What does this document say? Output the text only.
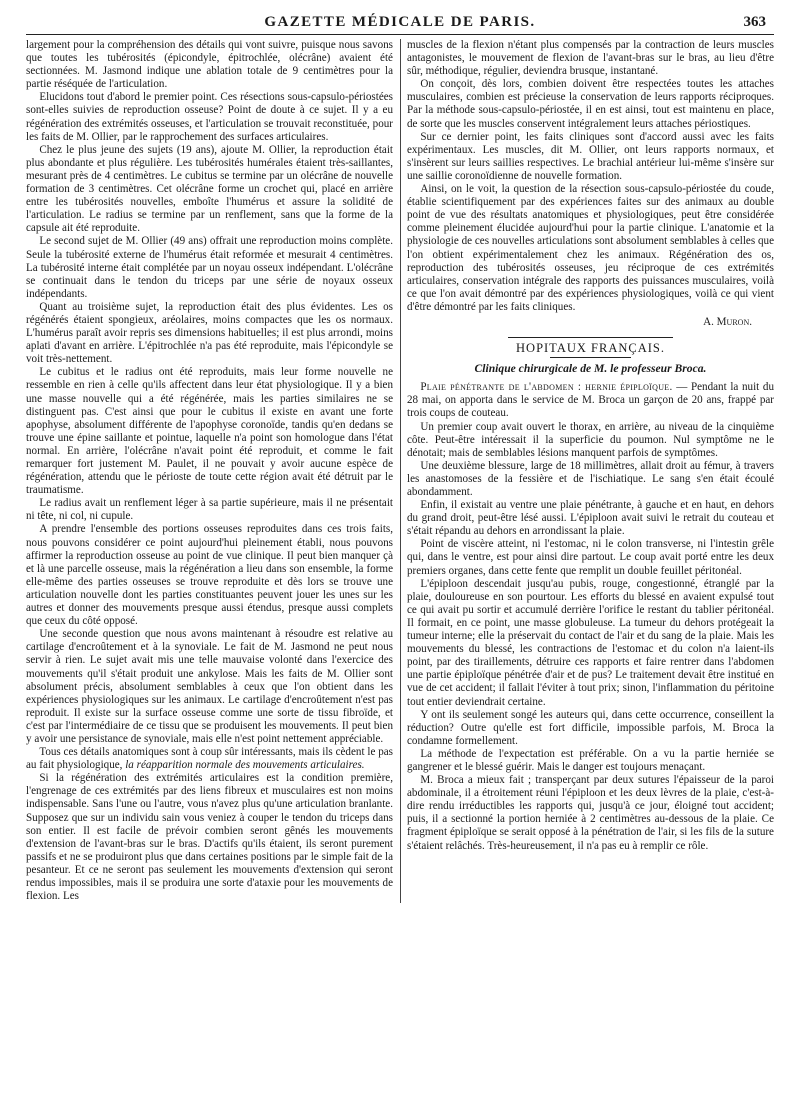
GAZETTE MÉDICALE DE PARIS.	363

largement pour la compréhension des détails qui vont suivre, puisque nous savons que toutes les tubérosités (épicondyle, épitrochlée, olécrâne) avaient été sectionnées. M. Jasmond indique une ablation totale de 9 centimètres pour la partie réséquée de l'articulation.

Elucidons tout d'abord le premier point. Ces résections sous-capsulo-périostées sont-elles suivies de reproduction osseuse? Point de doute à ce sujet. Il y a eu régénération des extrémités osseuses, et l'articulation se trouvait reconstituée, pour les faits de M. Ollier, par le rapprochement des surfaces articulaires.

Chez le plus jeune des sujets (19 ans), ajoute M. Ollier, la reproduction était plus abondante et plus régulière. Les tubérosités humérales étaient très-saillantes, mesurant près de 4 centimètres. Le cubitus se termine par un olécrâne de nouvelle formation de 3 centimètres. Cet olécrâne forme un crochet qui, placé en arrière entre les tubérosités nouvelles, emboîte l'humérus et assure la solidité de l'articulation. Le radius se termine par un renflement, sans que la forme de la capsule ait été reproduite.

Le second sujet de M. Ollier (49 ans) offrait une reproduction moins complète. Seule la tubérosité externe de l'humérus était reformée et mesurait 4 centimètres. La tubérosité interne était complétée par un noyau osseux indépendant. L'olécrâne se continuait dans le tendon du triceps par une série de noyaux osseux indépendants.

Quant au troisième sujet, la reproduction était des plus évidentes. Les os régénérés étaient spongieux, aréolaires, moins compactes que les os normaux. L'humérus paraît avoir repris ses dimensions habituelles; il est plus arrondi, moins aplati d'avant en arrière. L'épitrochlée n'a pas été reproduite, mais l'épicondyle se voit très-nettement.

Le cubitus et le radius ont été reproduits, mais leur forme nouvelle ne ressemble en rien à celle qu'ils affectent dans leur état physiologique. Il y a bien une masse nouvelle qui a été régénérée, mais les parties similaires ne se distinguent pas. C'est ainsi que pour le cubitus il existe en avant une forte apophyse, absolument différente de l'apophyse coronoïde, tandis qu'en dedans se trouve une épine saillante et pointue, laquelle n'a point son homologue dans l'état normal. En arrière, l'olécrâne n'avait point été reproduit, et comme le fait remarquer fort justement M. Paulet, il ne pouvait y avoir aucune espèce de régénération, attendu que le périoste de toute cette région avait été détruit par le traumatisme.

Le radius avait un renflement léger à sa partie supérieure, mais il ne présentait ni tête, ni col, ni cupule.

A prendre l'ensemble des portions osseuses reproduites dans ces trois faits, nous pouvons considérer ce point aujourd'hui pleinement établi, nous pouvons affirmer la reproduction osseuse au point de vue clinique. Il peut bien manquer çà et là une parcelle osseuse, mais la régénération a lieu dans son ensemble, la forme elle-même des parties osseuses se trouve reproduite et dès lors se trouve une articulation nouvelle dont les parties constituantes peuvent jouer les unes sur les autres et donner des mouvements presque aussi étendus, presque aussi complets que ceux du côté opposé.

Une seconde question que nous avons maintenant à résoudre est relative au cartilage d'encroûtement et à la synoviale. Le fait de M. Jasmond ne peut nous servir à rien. Le sujet avait mis une telle mauvaise volonté dans l'exercice des mouvements qu'il s'était produit une ankylose. Mais les faits de M. Ollier sont absolument précis, absolument semblables à ceux que l'on obtient dans les expériences physiologiques sur les animaux. Le cartilage d'encroûtement n'est pas reproduit. Il existe sur la surface osseuse comme une sorte de tissu fibroïde, et c'est par l'intermédiaire de ce tissu que se produisent les mouvements. Il peut bien y avoir une persistance de synoviale, mais elle n'est point nettement appréciable.

Tous ces détails anatomiques sont à coup sûr intéressants, mais ils cèdent le pas au fait physiologique, la réapparition normale des mouvements articulaires.

Si la régénération des extrémités articulaires est la condition première, l'engrenage de ces extrémités par des liens fibreux et musculaires est non moins indispensable. Sans l'une ou l'autre, vous n'avez plus qu'une articulation branlante. Supposez que sur un individu sain vous veniez à couper le tendon du triceps dans son entier. Il est facile de prévoir combien seront gênés les mouvements d'extension de l'avant-bras sur le bras. D'actifs qu'ils étaient, ils seront purement passifs et ne se produiront plus que dans certaines positions par le simple fait de la pesanteur. Et ce ne seront pas seulement les mouvements d'extension qui seront rendus impossibles, mais il se produira une sorte d'ataxie pour les mouvements de flexion. Les

muscles de la flexion n'étant plus compensés par la contraction de leurs muscles antagonistes, le mouvement de flexion de l'avant-bras sur le bras, au lieu d'être sûr, méthodique, régulier, deviendra brusque, instantané.

On conçoit, dès lors, combien doivent être respectées toutes les attaches musculaires, combien est précieuse la conservation de leurs rapports réciproques. Par la méthode sous-capsulo-périostée, il en est ainsi, tout est maintenu en place, de sorte que les muscles conservent intégralement leurs attaches périostiques.

Sur ce dernier point, les faits cliniques sont d'accord aussi avec les faits expérimentaux. Les muscles, dit M. Ollier, ont leurs rapports normaux, et s'insèrent sur leurs saillies respectives. Le brachial antérieur lui-même s'insère sur une saillie coronoïdienne de nouvelle formation.

Ainsi, on le voit, la question de la résection sous-capsulo-périostée du coude, établie scientifiquement par des expériences faites sur des animaux au double point de vue des résultats anatomiques et physiologiques, peut être considérée comme pleinement élucidée aujourd'hui pour la partie clinique. L'anatomie et la physiologie de ces nouvelles articulations sont absolument semblables à celles que l'on obtient expérimentalement chez les animaux. Régénération des os, reproduction des tubérosités osseuses, jeu réciproque de ces extrémités articulaires, conservation intégrale des rapports des puissances musculaires, voilà ce que l'on avait démontré par des expériences physiologiques, voilà ce qui vient d'être démontré par les faits cliniques.

A. Muron.
HOPITAUX FRANÇAIS.
Clinique chirurgicale de M. le professeur Broca.

Plaie pénétrante de l'abdomen : hernie épiploïque. — Pendant la nuit du 28 mai, on apporta dans le service de M. Broca un garçon de 20 ans, frappé par trois coups de couteau.

Un premier coup avait ouvert le thorax, en arrière, au niveau de la cinquième côte. Peut-être intéressait il la superficie du poumon. Nul symptôme ne le dénotait; mais de semblables lésions manquent parfois de symptômes.

Une deuxième blessure, large de 18 millimètres, allait droit au fémur, à travers les anastomoses de la fessière et de l'ischiatique. Le sang s'en était écoulé abondamment.

Enfin, il existait au ventre une plaie pénétrante, à gauche et en haut, en dehors du grand droit, peut-être lésé aussi. L'épiploon avait suivi le retrait du couteau et s'était répandu au dehors en arrondissant la plaie.

Point de viscère atteint, ni l'estomac, ni le colon transverse, ni l'intestin grêle qui, dans le ventre, est pour ainsi dire partout. Le coup avait porté entre les deux premiers organes, dans cette fente que remplit un double feuillet péritonéal.

L'épiploon descendait jusqu'au pubis, rouge, congestionné, étranglé par la plaie, douloureuse en son pourtour. Les efforts du blessé en avaient expulsé tout ce qui avait pu sortir et accumulé derrière l'orifice le restant du tablier péritonéal. Il formait, en ce point, une masse globuleuse. La tumeur du dehors protégeait la tumeur interne; elle la préservait du contact de l'air et du sang de la plaie. Mais les mouvements du blessé, les contractions de l'estomac et du colon n'a laient-ils point, par des tiraillements, détruire ces rapports et faire rentrer dans l'abdomen une partie épiploïque pénétrée d'air et de pus? Le traitement devait être institué en vue de cet accident; il fallait l'éviter à tout prix; sinon, l'inflammation du péritoine tout entier deviendrait certaine.

Y ont ils seulement songé les auteurs qui, dans cette occurrence, conseillent la réduction? Outre qu'elle est fort difficile, impossible parfois, M. Broca la condamne formellement.

La méthode de l'expectation est préférable. On a vu la partie herniée se gangrener et le blessé guérir. Mais le danger est toujours menaçant.

M. Broca a mieux fait ; transperçant par deux sutures l'épaisseur de la paroi abdominale, il a étroitement réuni l'épiploon et les deux lèvres de la plaie, c'est-à-dire rendu irréductibles les rapports qui, jusqu'à ce jour, éloigné tout accident; puis, il a sectionné la portion herniée à 2 centimètres au-dessous de la plaie. Ce fragment épiploïque se serait opposé à la pénétration de l'air, si les fils de la suture s'étaient relâchés. Très-heureusement, il n'a pas eu à remplir ce rôle.
